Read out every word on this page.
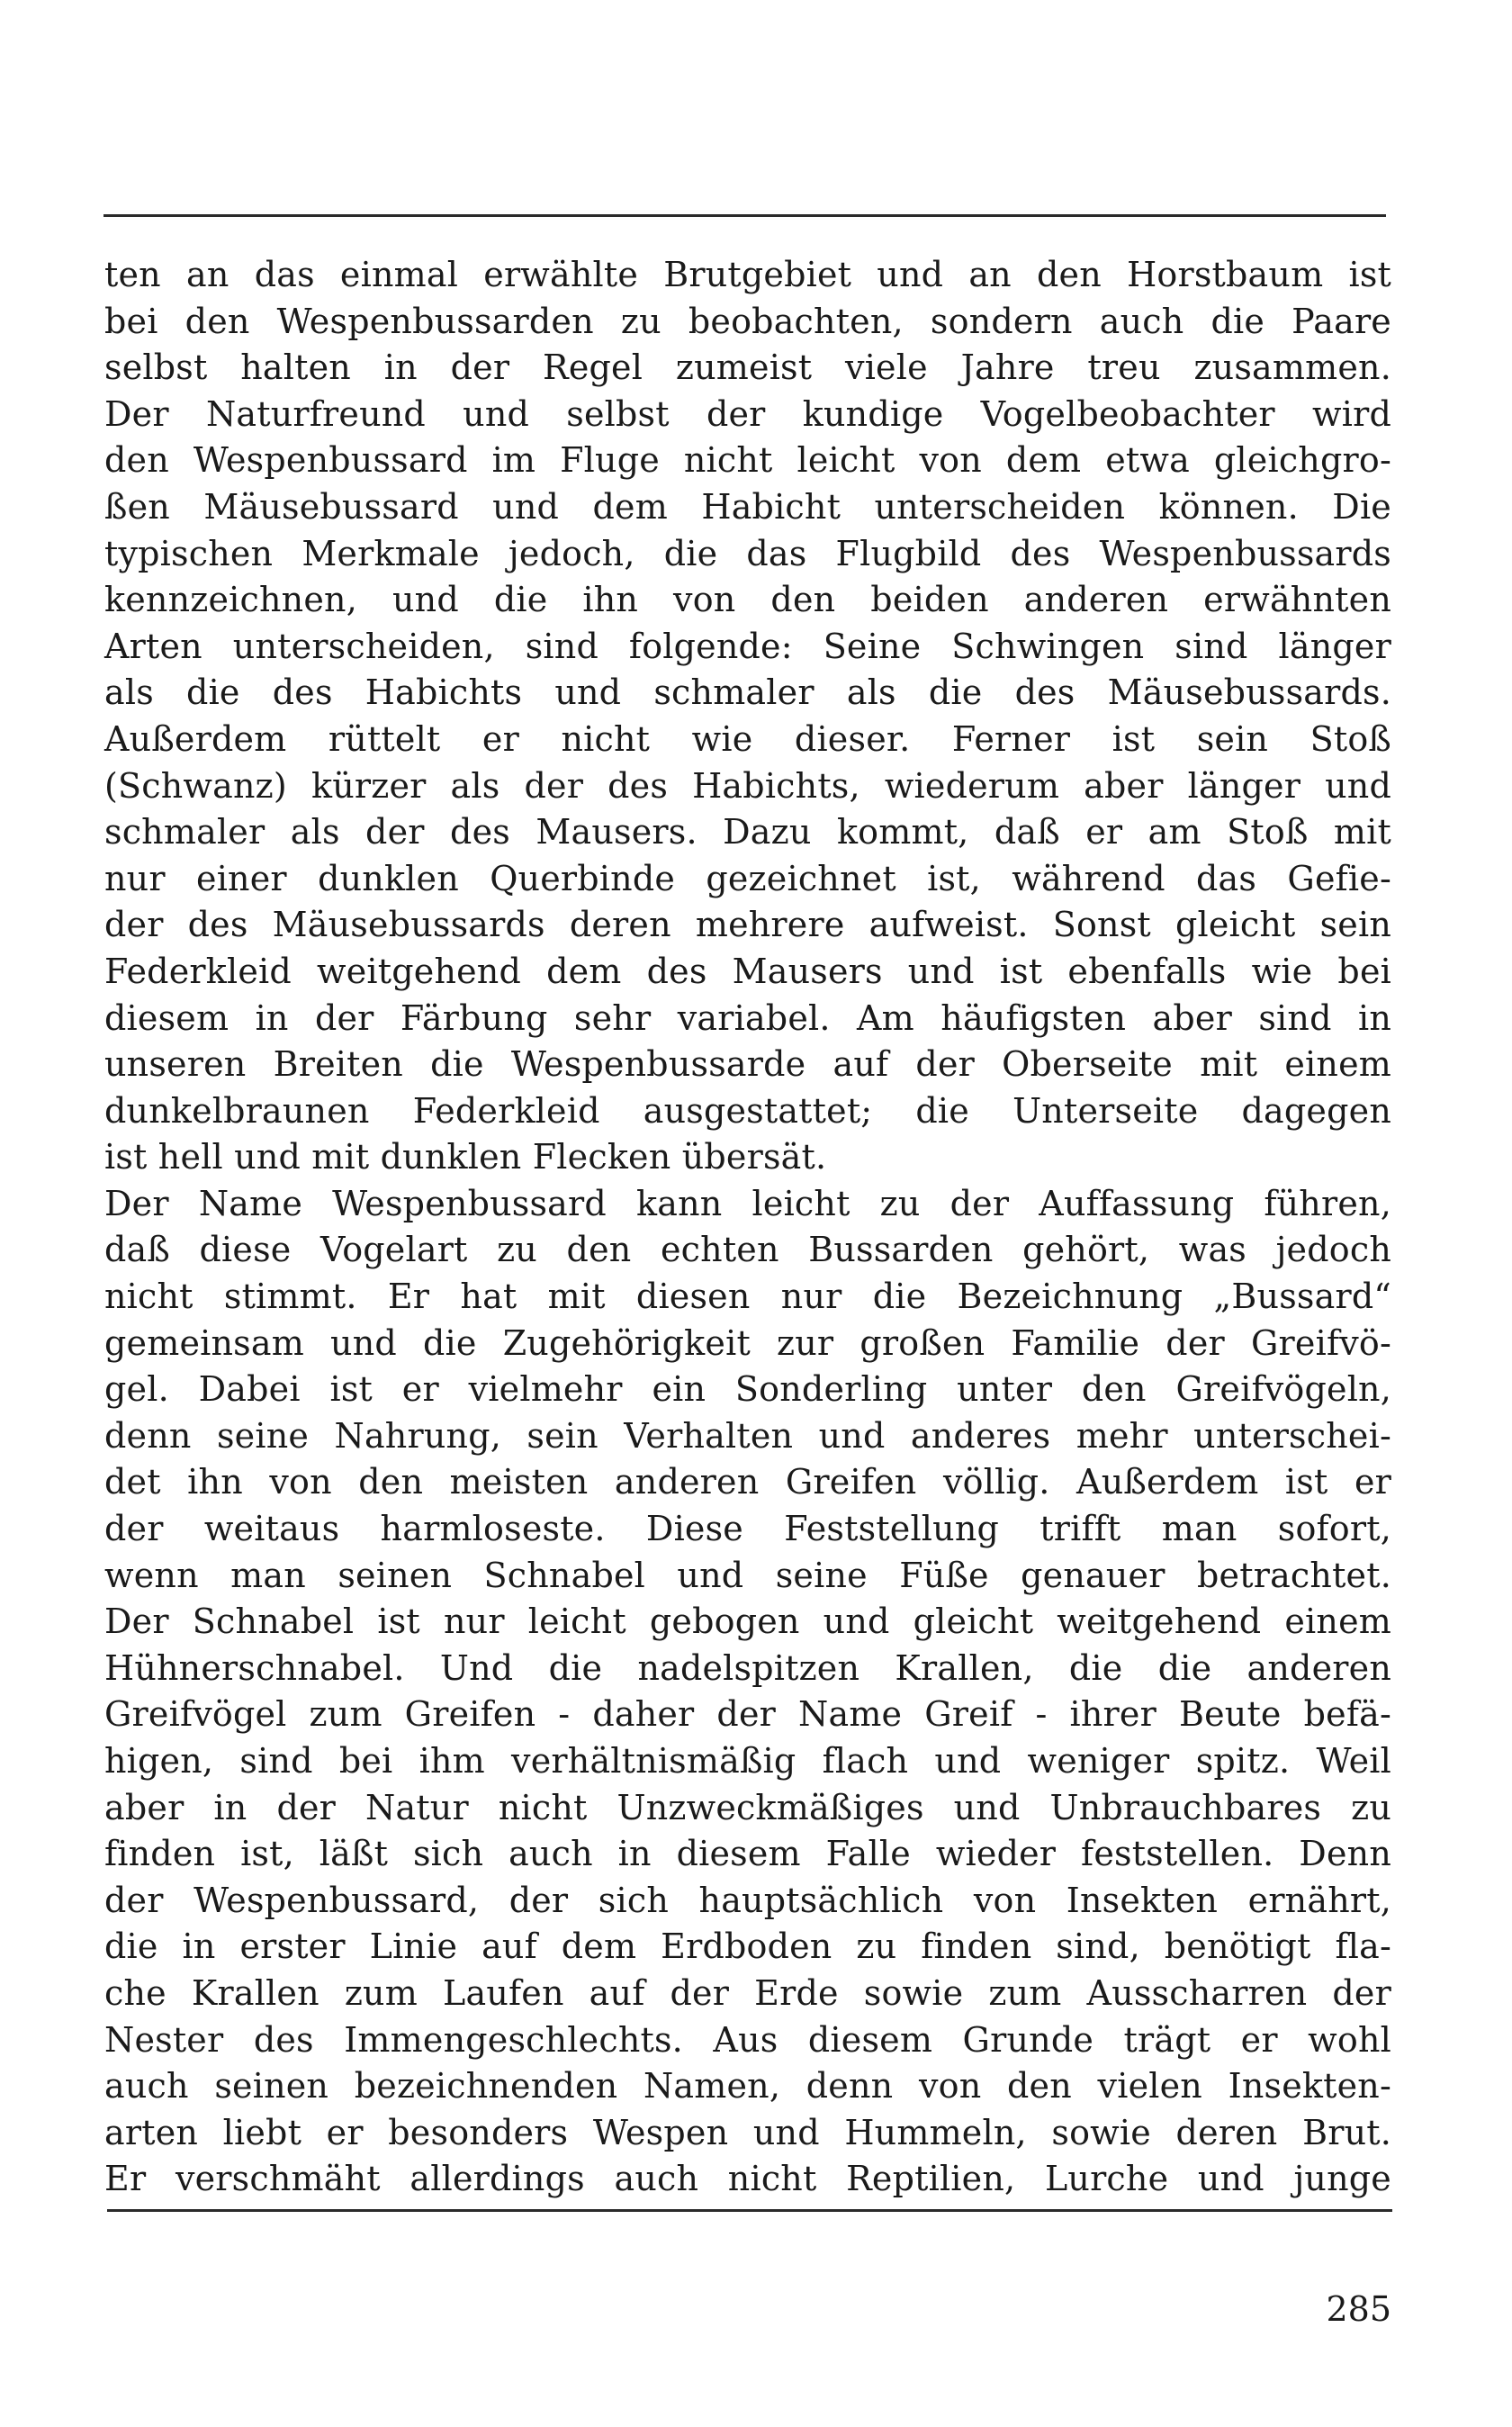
ten an das einmal erwählte Brutgebiet und an den Horstbaum ist
bei den Wespenbussarden zu beobachten, sondern auch die Paare
selbst halten in der Regel zumeist viele Jahre treu zusammen.
Der Naturfreund und selbst der kundige Vogelbeobachter wird
den Wespenbussard im Fluge nicht leicht von dem etwa gleichgro-
ßen Mäusebussard und dem Habicht unterscheiden können. Die
typischen Merkmale jedoch, die das Flugbild des Wespenbussards
kennzeichnen, und die ihn von den beiden anderen erwähnten
Arten unterscheiden, sind folgende: Seine Schwingen sind länger
als die des Habichts und schmaler als die des Mäusebussards.
Außerdem rüttelt er nicht wie dieser. Ferner ist sein Stoß
(Schwanz) kürzer als der des Habichts, wiederum aber länger und
schmaler als der des Mausers. Dazu kommt, daß er am Stoß mit
nur einer dunklen Querbinde gezeichnet ist, während das Gefie-
der des Mäusebussards deren mehrere aufweist. Sonst gleicht sein
Federkleid weitgehend dem des Mausers und ist ebenfalls wie bei
diesem in der Färbung sehr variabel. Am häufigsten aber sind in
unseren Breiten die Wespenbussarde auf der Oberseite mit einem
dunkelbraunen Federkleid ausgestattet; die Unterseite dagegen
ist hell und mit dunklen Flecken übersät.
Der Name Wespenbussard kann leicht zu der Auffassung führen,
daß diese Vogelart zu den echten Bussarden gehört, was jedoch
nicht stimmt. Er hat mit diesen nur die Bezeichnung „Bussard“
gemeinsam und die Zugehörigkeit zur großen Familie der Greifvö-
gel. Dabei ist er vielmehr ein Sonderling unter den Greifvögeln,
denn seine Nahrung, sein Verhalten und anderes mehr unterschei-
det ihn von den meisten anderen Greifen völlig. Außerdem ist er
der weitaus harmloseste. Diese Feststellung trifft man sofort,
wenn man seinen Schnabel und seine Füße genauer betrachtet.
Der Schnabel ist nur leicht gebogen und gleicht weitgehend einem
Hühnerschnabel. Und die nadelspitzen Krallen, die die anderen
Greifvögel zum Greifen - daher der Name Greif - ihrer Beute befä-
higen, sind bei ihm verhältnismäßig flach und weniger spitz. Weil
aber in der Natur nicht Unzweckmäßiges und Unbrauchbares zu
finden ist, läßt sich auch in diesem Falle wieder feststellen. Denn
der Wespenbussard, der sich hauptsächlich von Insekten ernährt,
die in erster Linie auf dem Erdboden zu finden sind, benötigt fla-
che Krallen zum Laufen auf der Erde sowie zum Ausscharren der
Nester des Immengeschlechts. Aus diesem Grunde trägt er wohl
auch seinen bezeichnenden Namen, denn von den vielen Insekten-
arten liebt er besonders Wespen und Hummeln, sowie deren Brut.
Er verschmäht allerdings auch nicht Reptilien, Lurche und junge
285
